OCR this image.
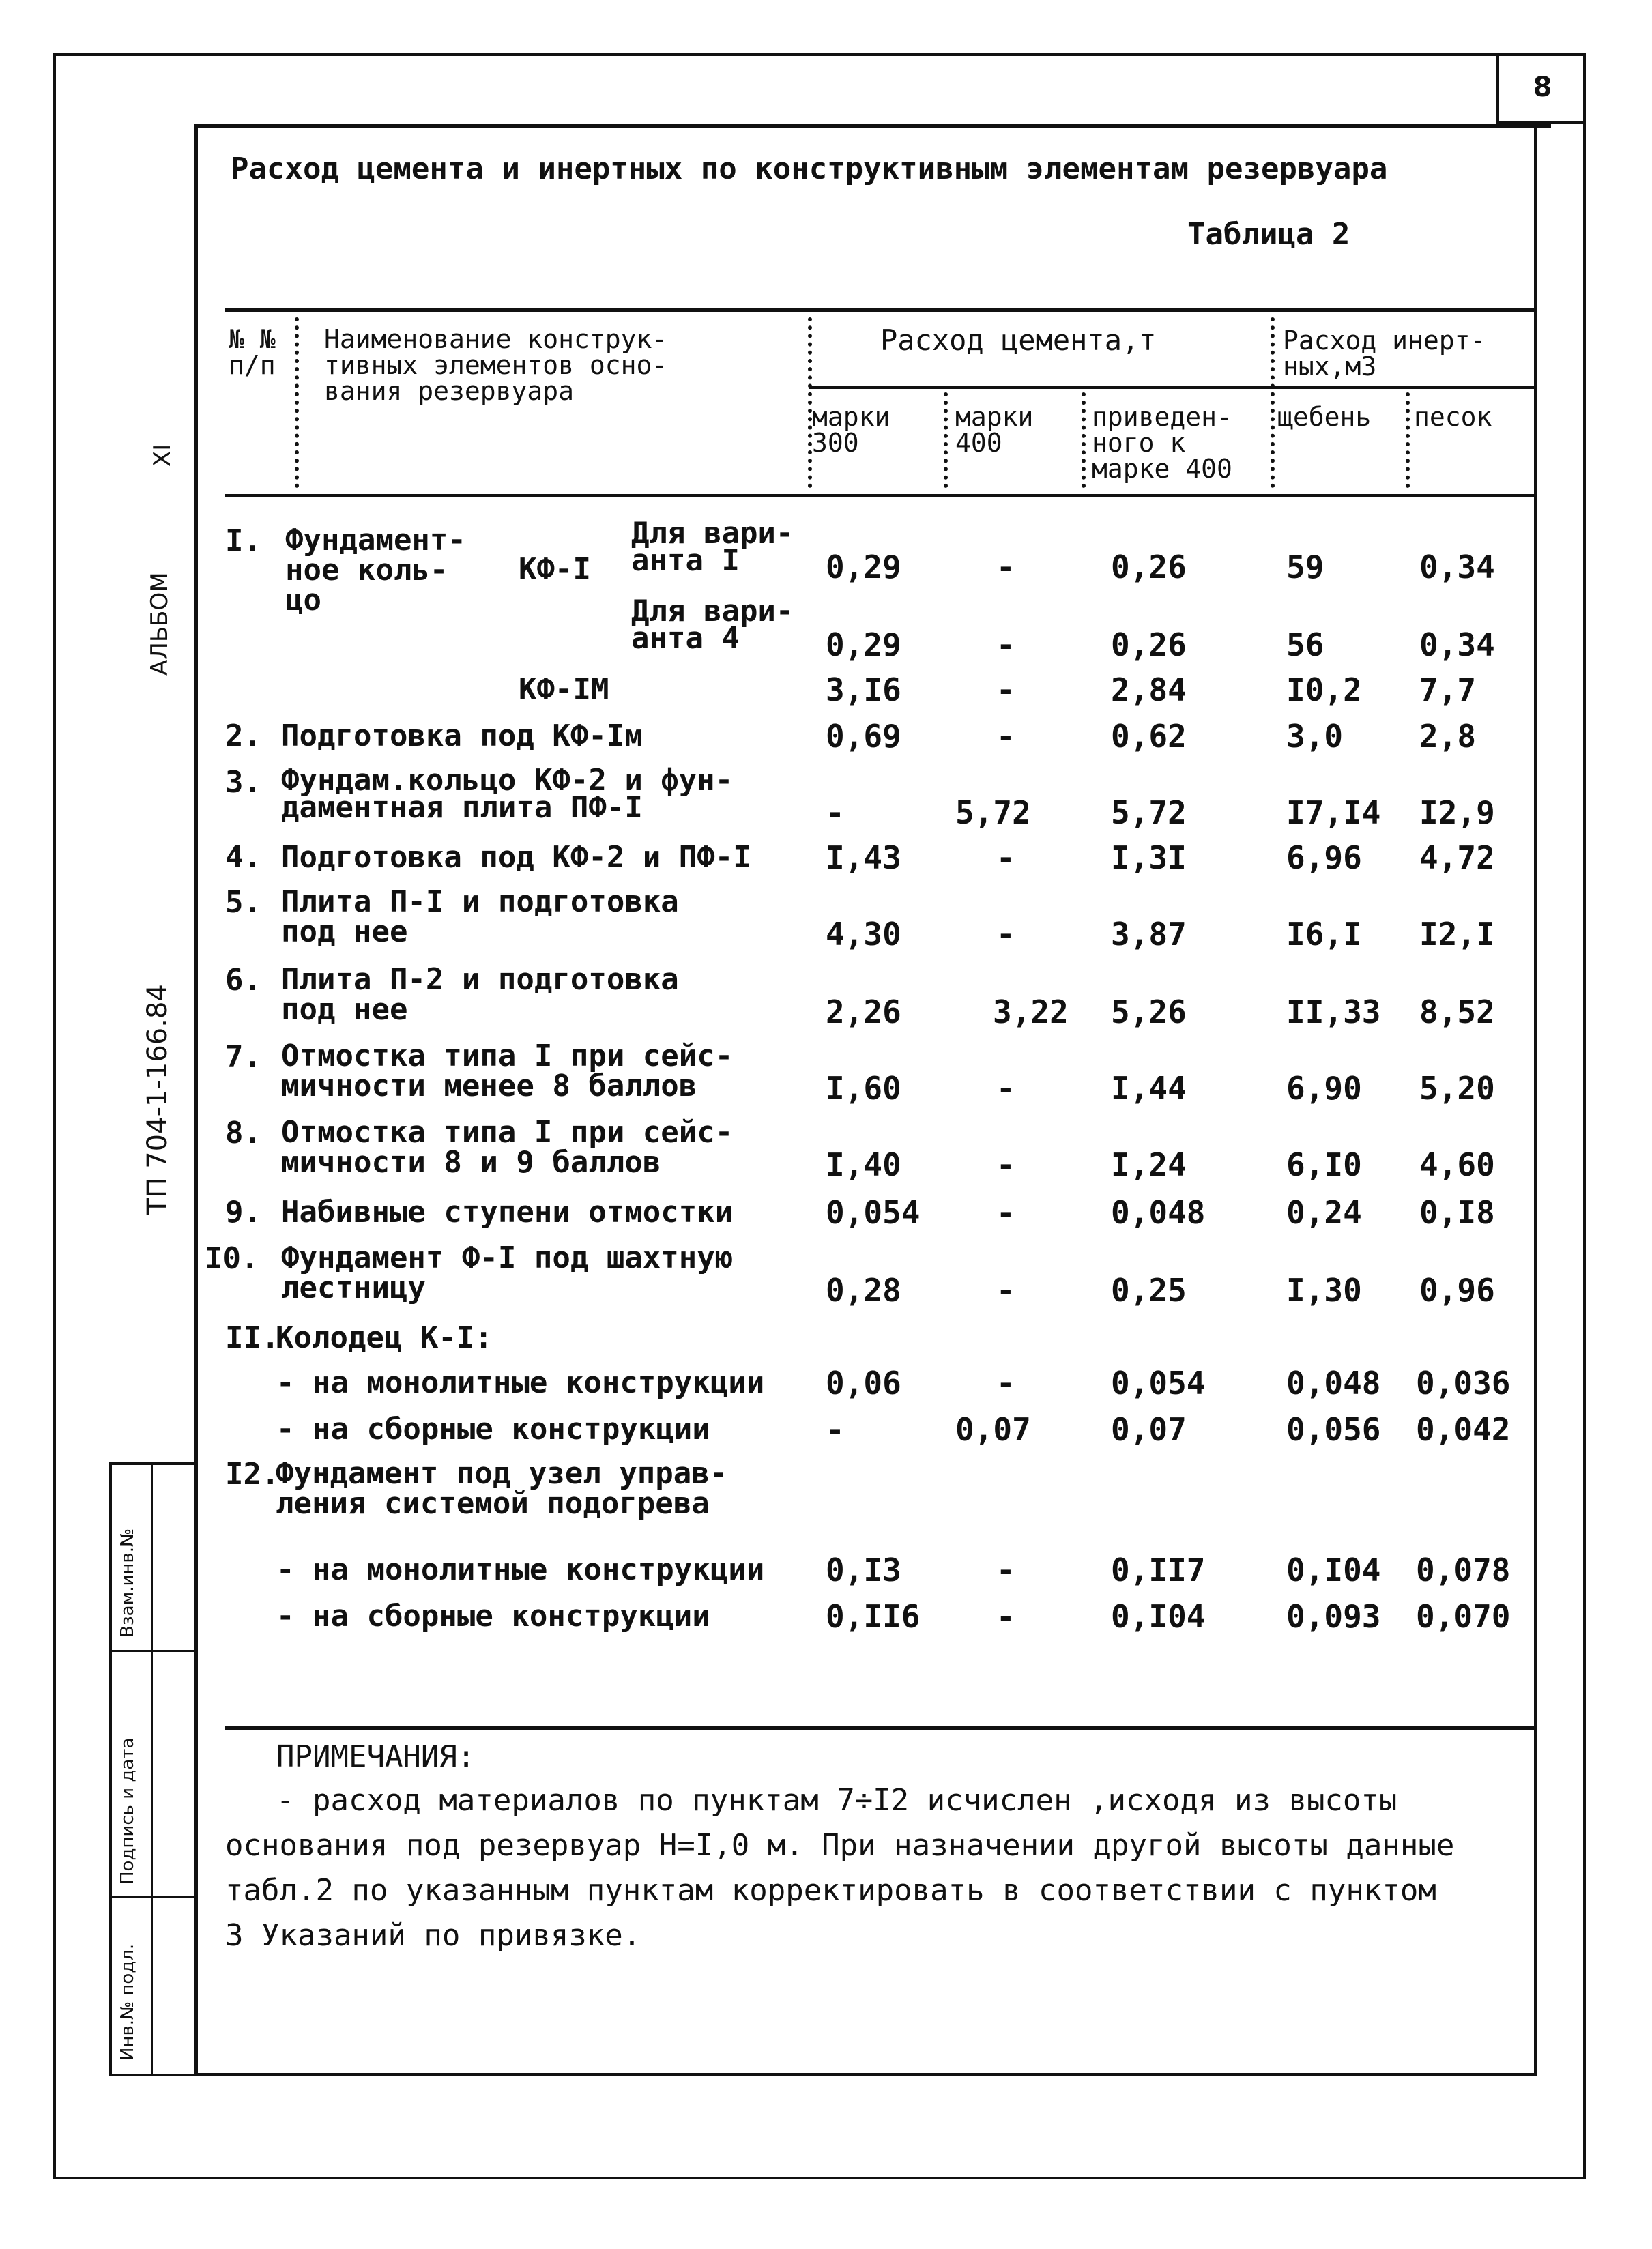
8
XI
АЛЬБОМ
ТП 704-1-166.84
Взам.инв.№
Подпись и дата
Инв.№ подл.
Расход цемента и инертных по конструктивным элементам резервуара
Таблица 2
№ №
п/п
Наименование конструк-
тивных элементов осно-
вания резервуара
Расход цемента,т	Расход инерт-
ных,м3
марки
300
марки
400
приведен-
ного к
марке 400
щебень песок
I. Фундамент-
ное коль-
цо
КФ-I
Для вари-
анта I	0,29	-	0,26	59	0,34
Для вари-
анта 4	0,29	-	0,26	56	0,34
КФ-IМ	3,I6	-	2,84	I0,2 7,7
2. Подготовка под КФ-Iм	0,69	-	0,62	3,0 2,8
3. Фундам.кольцо КФ-2 и фун-
даментная плита ПФ-I	-	5,72	5,72	I7,I4 I2,9
4. Подготовка под КФ-2 и ПФ-I I,43	-	I,3I	6,96 4,72
5. Плита П-I и подготовка
под нее	4,30	-	3,87	I6,I I2,I
6. Плита П-2 и подготовка
под нее	2,26	3,22 5,26	II,33 8,52
7. Отмостка типа I при сейс-
мичности менее 8 баллов	I,60	-	I,44	6,90 5,20
8. Отмостка типа I при сейс-
мичности 8 и 9 баллов	I,40	-	I,24	6,I0 4,60
9. Набивные ступени отмостки	0,054 -	0,048	0,24 0,I8
I0. Фундамент Ф-I под шахтную
лестницу	0,28	-	0,25	I,30 0,96
II.
Колодец К-I:
- на монолитные конструкции 0,06	-	0,054	0,048 0,036
- на сборные конструкции	-	0,07	0,07	0,056 0,042
I2.
Фундамент под узел управ-
ления системой подогрева
- на монолитные конструкции 0,I3	-	0,II7	0,I04 0,078
- на сборные конструкции	0,II6 -	0,I04	0,093 0,070
ПРИМЕЧАНИЯ:
- расход материалов по пунктам 7÷I2 исчислен ,исходя из высоты
основания под резервуар Н=I,0 м. При назначении другой высоты данные
табл.2 по указанным пунктам корректировать в соответствии с пунктом
3 Указаний по привязке.
